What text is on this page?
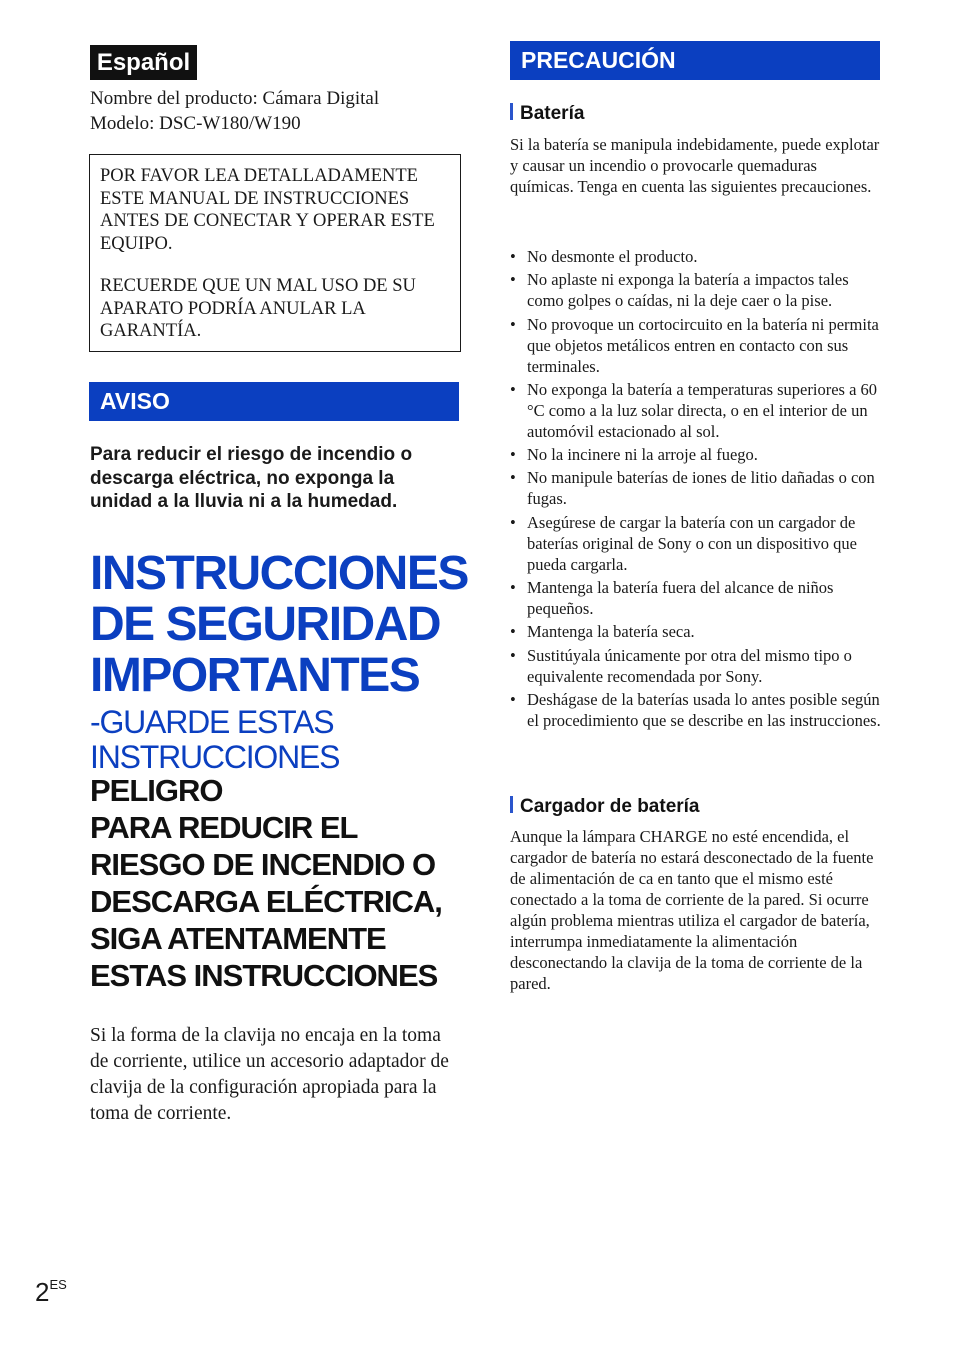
Español
Nombre del producto: Cámara Digital
Modelo: DSC-W180/W190

POR FAVOR LEA DETALLADAMENTE ESTE MANUAL DE INSTRUCCIONES ANTES DE CONECTAR Y OPERAR ESTE EQUIPO.

RECUERDE QUE UN MAL USO DE SU APARATO PODRÍA ANULAR LA GARANTÍA.

AVISO
Para reducir el riesgo de incendio o descarga eléctrica, no exponga la unidad a la lluvia ni a la humedad.
INSTRUCCIONES
DE SEGURIDAD
IMPORTANTES
-GUARDE ESTAS
INSTRUCCIONES
PELIGRO
PARA REDUCIR EL
RIESGO DE INCENDIO O
DESCARGA ELÉCTRICA,
SIGA ATENTAMENTE
ESTAS INSTRUCCIONES
Si la forma de la clavija no encaja en la toma de corriente, utilice un accesorio adaptador de clavija de la configuración apropiada para la toma de corriente.
PRECAUCIÓN
Batería
Si la batería se manipula indebidamente, puede explotar y causar un incendio o provocarle quemaduras químicas. Tenga en cuenta las siguientes precauciones.
• No desmonte el producto.
• No aplaste ni exponga la batería a impactos tales como golpes o caídas, ni la deje caer o la pise.
• No provoque un cortocircuito en la batería ni permita que objetos metálicos entren en contacto con sus terminales.
• No exponga la batería a temperaturas superiores a 60 °C como a la luz solar directa, o en el interior de un automóvil estacionado al sol.
• No la incinere ni la arroje al fuego.
• No manipule baterías de iones de litio dañadas o con fugas.
• Asegúrese de cargar la batería con un cargador de baterías original de Sony o con un dispositivo que pueda cargarla.
• Mantenga la batería fuera del alcance de niños pequeños.
• Mantenga la batería seca.
• Sustitúyala únicamente por otra del mismo tipo o equivalente recomendada por Sony.
• Deshágase de la baterías usada lo antes posible según el procedimiento que se describe en las instrucciones.
Cargador de batería
Aunque la lámpara CHARGE no esté encendida, el cargador de batería no estará desconectado de la fuente de alimentación de ca en tanto que el mismo esté conectado a la toma de corriente de la pared. Si ocurre algún problema mientras utiliza el cargador de batería, interrumpa inmediatamente la alimentación desconectando la clavija de la toma de corriente de la pared.
$2^{ES}$
